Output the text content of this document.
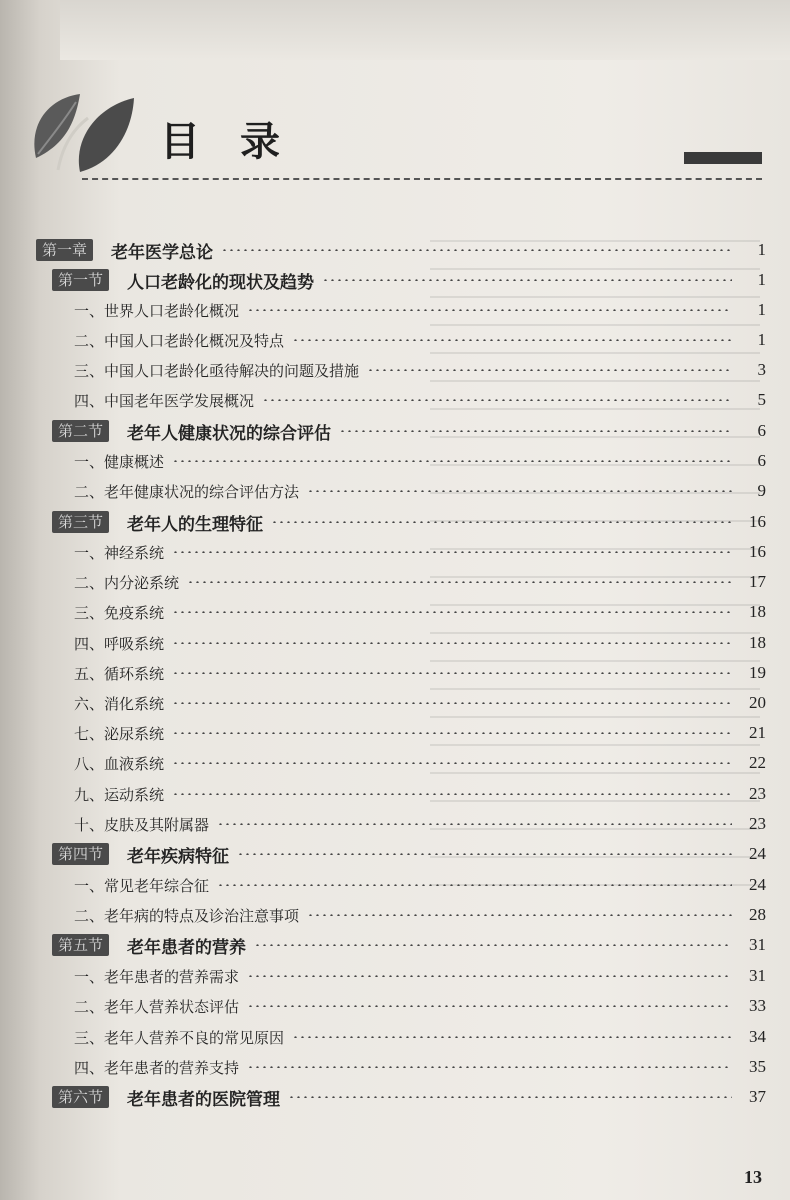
目录
第一章	老年医学总论	1
第一节	人口老龄化的现状及趋势	1
一、世界人口老龄化概况	1
二、中国人口老龄化概况及特点	1
三、中国人口老龄化亟待解决的问题及措施	3
四、中国老年医学发展概况	5
第二节	老年人健康状况的综合评估	6
一、健康概述	6
二、老年健康状况的综合评估方法	9
第三节	老年人的生理特征	16
一、神经系统	16
二、内分泌系统	17
三、免疫系统	18
四、呼吸系统	18
五、循环系统	19
六、消化系统	20
七、泌尿系统	21
八、血液系统	22
九、运动系统	23
十、皮肤及其附属器	23
第四节	老年疾病特征	24
一、常见老年综合征	24
二、老年病的特点及诊治注意事项	28
第五节	老年患者的营养	31
一、老年患者的营养需求	31
二、老年人营养状态评估	33
三、老年人营养不良的常见原因	34
四、老年患者的营养支持	35
第六节	老年患者的医院管理	37
13
